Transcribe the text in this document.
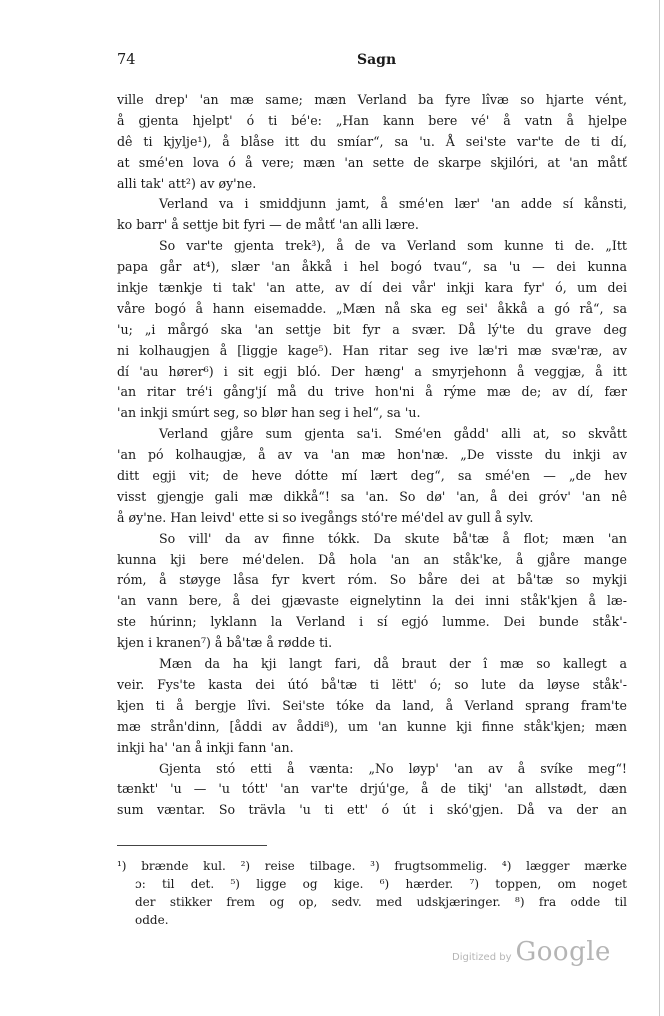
74	Sagn
ville drep' 'an mæ same; mæn Verland ba fyre lîvæ so hjarte vént,
å gjenta hjelpt' ó ti bé'e: „Han kann bere vé' å vatn å hjelpe
dê ti kjylje¹), å blåse itt du smíar“, sa 'u. Å sei'ste var'te de ti dí,
at smé'en lova ó å vere; mæn 'an sette de skarpe skjilóri, at 'an måtť
alli tak' att²) av øy'ne.
Verland va i smiddjunn jamt, å smé'en lær' 'an adde sí kånsti,
ko barr' å settje bit fyri — de måtť 'an alli lære.
So var'te gjenta trek³), å de va Verland som kunne ti de. „Itt
papa går at⁴), slær 'an åkkå i hel bogó tvau“, sa 'u — dei kunna
inkje tænkje ti tak' 'an atte, av dí dei vår' inkji kara fyr' ó, um dei
våre bogó å hann eisemadde. „Mæn nå ska eg sei' åkkå a gó rå“, sa
'u; „i mårgó ska 'an settje bit fyr a svær. Då lý'te du grave deg
ni kolhaugjen å [liggje kage⁵). Han ritar seg ive læ'ri mæ svæ'ræ, av
dí 'au hører⁶) i sit egji bló. Der hæng' a smyrjehonn å veggjæ, å itt
'an ritar tré'i gång'jí må du trive hon'ni å rýme mæ de; av dí, fær
'an inkji smúrt seg, so blør han seg i hel“, sa 'u.
Verland gjåre sum gjenta sa'i. Smé'en gådd' alli at, so skvått
'an pó kolhaugjæ, å av va 'an mæ hon'næ. „De visste du inkji av
ditt egji vit; de heve dótte mí lært deg“, sa smé'en — „de hev
visst gjengje gali mæ dikkå“! sa 'an. So dø' 'an, å dei gróv' 'an nê
å øy'ne. Han leivd' ette si so ivegångs stó're mé'del av gull å sylv.
So vill' da av finne tókk. Da skute bå'tæ å flot; mæn 'an
kunna kji bere mé'delen. Då hola 'an an ståk'ke, å gjåre mange
róm, å støyge låsa fyr kvert róm. So båre dei at bå'tæ so mykji
'an vann bere, å dei gjævaste eignelytinn la dei inni ståk'kjen å læ-
ste húrinn; lyklann la Verland i sí egjó lumme. Dei bunde ståk'-
kjen i kranen⁷) å bå'tæ å rødde ti.
Mæn da ha kji langt fari, då braut der î mæ so kallegt a
veir. Fys'te kasta dei útó bå'tæ ti lëtt' ó; so lute da løyse ståk'-
kjen ti å bergje lîvi. Sei'ste tóke da land, å Verland sprang fram'te
mæ strån'dinn, [åddi av åddi⁸), um 'an kunne kji finne ståk'kjen; mæn
inkji ha' 'an å inkji fann 'an.
Gjenta stó etti å vænta: „No løyp' 'an av å svíke meg“!
tænkt' 'u — 'u tótt' 'an var'te drjú'ge, å de tikj' 'an allstødt, dæn
sum væntar. So trävla 'u ti ett' ó út i skó'gjen. Då va der an
¹) brænde kul. ²) reise tilbage. ³) frugtsommelig. ⁴) lægger mærke
ɔ: til det. ⁵) ligge og kige. ⁶) hærder. ⁷) toppen, om noget
der stikker frem og op, sedv. med udskjæringer. ⁸) fra odde til
odde.
Digitized by Google
